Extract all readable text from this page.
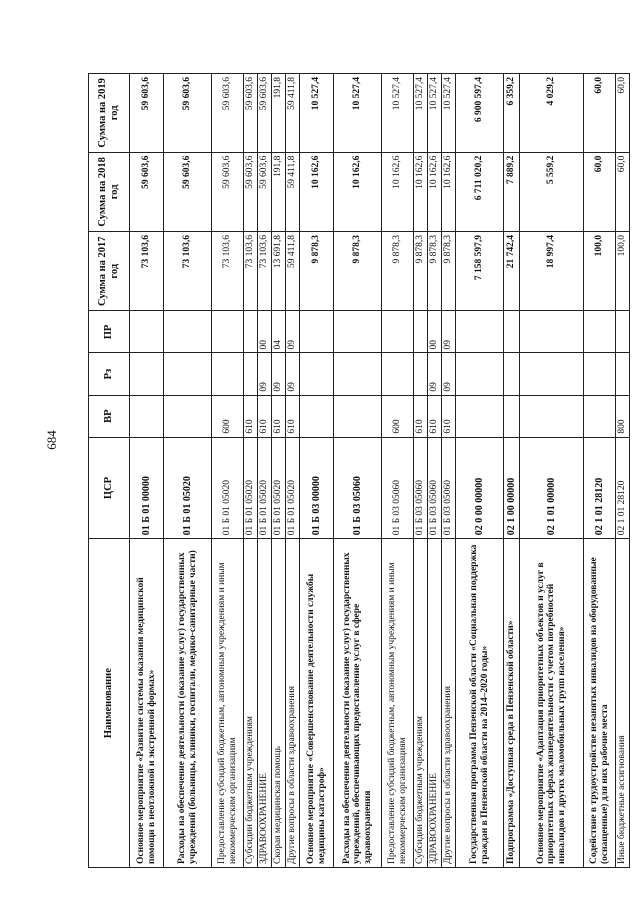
684
Наименование	ЦСР	ВР	Рз	ПР	Сумма на 2017 год	Сумма на 2018 год	Сумма на 2019 год
Основное мероприятие «Развитие системы оказания медицинской помощи в неотложной и экстренной формах»	01 Б 01 00000				73 103,6	59 603,6	59 603,6
Расходы на обеспечение деятельности (оказание услуг) государственных учреждений (больницы, клиники, госпитали, медико-санитарные части)	01 Б 01 05020				73 103,6	59 603,6	59 603,6
Предоставление субсидий бюджетным, автономным учреждениям и иным некоммерческим организациям	01 Б 01 05020	600			73 103,6	59 603,6	59 603,6
Субсидии бюджетным учреждениям	01 Б 01 05020	610			73 103,6	59 603,6	59 603,6
ЗДРАВООХРАНЕНИЕ	01 Б 01 05020	610	09	00	73 103,6	59 603,6	59 603,6
Скорая медицинская помощь	01 Б 01 05020	610	09	04	13 691,8	191,8	191,8
Другие вопросы в области здравоохранения	01 Б 01 05020	610	09	09	59 411,8	59 411,8	59 411,8
Основное мероприятие «Совершенствование деятельности службы медицины катастроф»	01 Б 03 00000				9 878,3	10 162,6	10 527,4
Расходы на обеспечение деятельности (оказание услуг) государственных учреждений, обеспечивающих предоставление услуг в сфере здравоохранения	01 Б 03 05060				9 878,3	10 162,6	10 527,4
Предоставление субсидий бюджетным, автономным учреждениям и иным некоммерческим организациям	01 Б 03 05060	600			9 878,3	10 162,6	10 527,4
Субсидии бюджетным учреждениям	01 Б 03 05060	610			9 878,3	10 162,6	10 527,4
ЗДРАВООХРАНЕНИЕ	01 Б 03 05060	610	09	00	9 878,3	10 162,6	10 527,4
Другие вопросы в области здравоохранения	01 Б 03 05060	610	09	09	9 878,3	10 162,6	10 527,4
Государственная программа Пензенской области «Социальная поддержка граждан в Пензенской области на 2014–2020 годы»	02 0 00 00000				7 158 597,9	6 711 020,2	6 900 597,4
Подпрограмма «Доступная среда в Пензенской области»	02 1 00 00000				21 742,4	7 889,2	6 359,2
Основное мероприятие «Адаптация приоритетных объектов и услуг в приоритетных сферах жизнедеятельности с учетом потребностей инвалидов и других маломобильных групп населения»	02 1 01 00000				18 997,4	5 559,2	4 029,2
Содействие в трудоустройстве незанятых инвалидов на оборудованные (оснащенные) для них рабочие места	02 1 01 28120				100,0	60,0	60,0
Иные бюджетные ассигнования	02 1 01 28120	800			100,0	60,0	60,0
